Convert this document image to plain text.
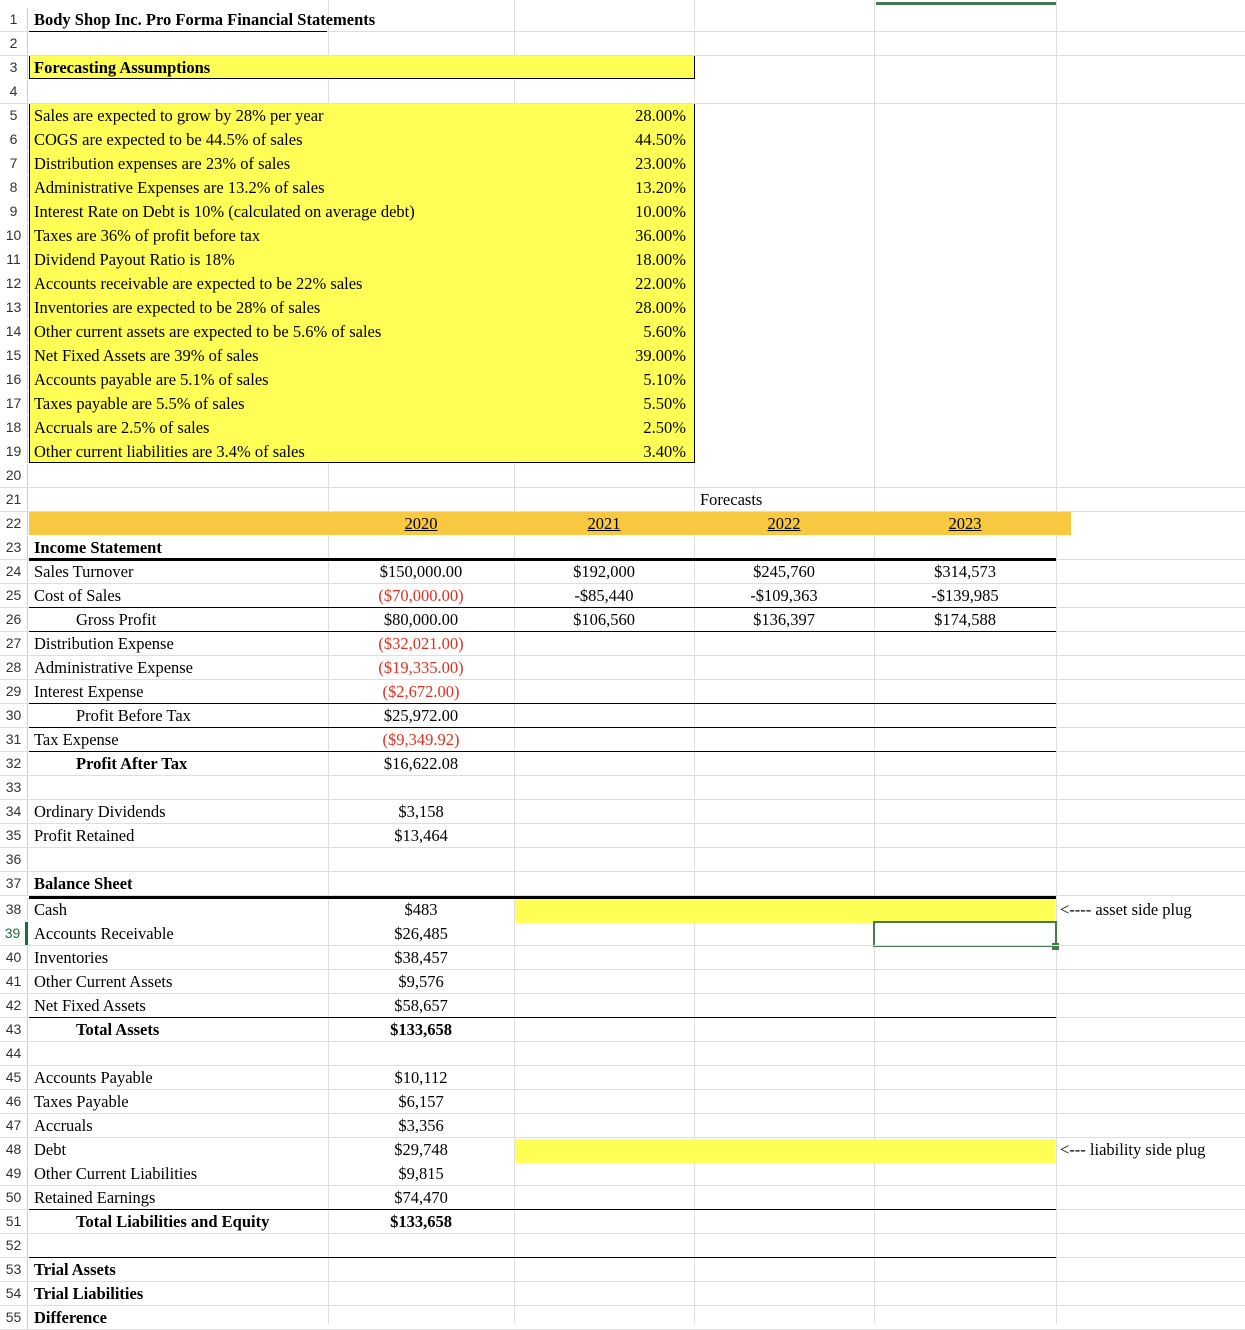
1	Body Shop Inc. Pro Forma Financial Statements
2
3	Forecasting Assumptions
4
5	Sales are expected to grow by 28% per year	28.00%
6	COGS are expected to be 44.5% of sales	44.50%
7	Distribution expenses are 23% of sales	23.00%
8	Administrative Expenses are 13.2% of sales	13.20%
9	Interest Rate on Debt is 10% (calculated on average debt)	10.00%
10 Taxes are 36% of profit before tax	36.00%
11 Dividend Payout Ratio is 18%	18.00%
12 Accounts receivable are expected to be 22% sales	22.00%
13 Inventories are expected to be 28% of sales	28.00%
14 Other current assets are expected to be 5.6% of sales	5.60%
15 Net Fixed Assets are 39% of sales	39.00%
16 Accounts payable are 5.1% of sales	5.10%
17 Taxes payable are 5.5% of sales	5.50%
18 Accruals are 2.5% of sales	2.50%
19 Other current liabilities are 3.4% of sales	3.40%
20
21	Forecasts
22	2020	2021	2022	2023
23 Income Statement
24 Sales Turnover	$150,000.00	$192,000	$245,760	$314,573
25 Cost of Sales	($70,000.00)	-$85,440	-$109,363	-$139,985
26	Gross Profit	$80,000.00	$106,560	$136,397	$174,588
27 Distribution Expense	($32,021.00)
28 Administrative Expense	($19,335.00)
29 Interest Expense	($2,672.00)
30	Profit Before Tax	$25,972.00
31 Tax Expense	($9,349.92)
32	Profit After Tax	$16,622.08
33
34 Ordinary Dividends	$3,158
35 Profit Retained	$13,464
36
37 Balance Sheet
38 Cash	$483	<---- asset side plug
39 Accounts Receivable	$26,485
40 Inventories	$38,457
41 Other Current Assets	$9,576
42 Net Fixed Assets	$58,657
43	Total Assets	$133,658
44
45 Accounts Payable	$10,112
46 Taxes Payable	$6,157
47 Accruals	$3,356
48 Debt	$29,748	<--- liability side plug
49 Other Current Liabilities	$9,815
50 Retained Earnings	$74,470
51	Total Liabilities and Equity	$133,658
52
53 Trial Assets
54 Trial Liabilities
55 Difference
